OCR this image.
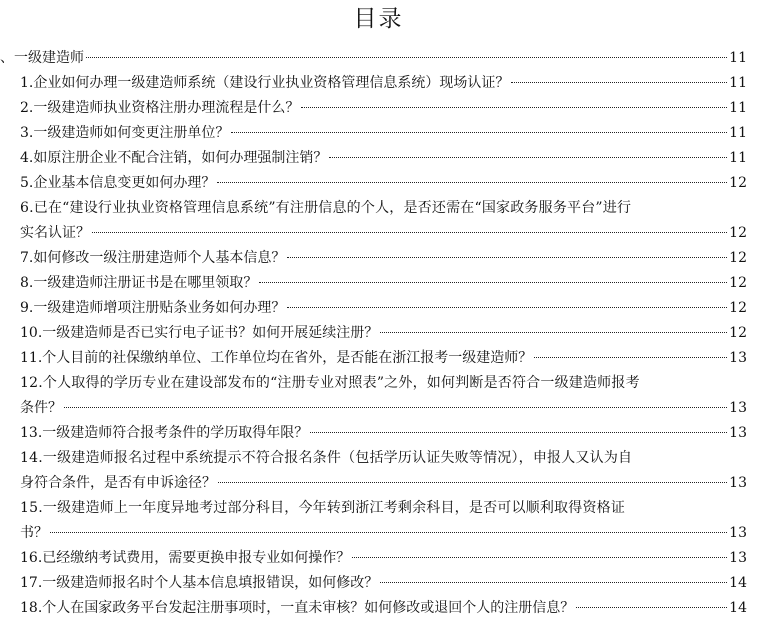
目录
、一级建造师	11
1.企业如何办理一级建造师系统（建设行业执业资格管理信息系统）现场认证？	11
2.一级建造师执业资格注册办理流程是什么？	11
3.一级建造师如何变更注册单位？	11
4.如原注册企业不配合注销，如何办理强制注销？	11
5.企业基本信息变更如何办理？	12
6.已在“建设行业执业资格管理信息系统”有注册信息的个人，是否还需在“国家政务服务平台”进行
实名认证？	12
7.如何修改一级注册建造师个人基本信息？	12
8.一级建造师注册证书是在哪里领取？	12
9.一级建造师增项注册贴条业务如何办理？	12
10.一级建造师是否已实行电子证书？如何开展延续注册？	12
11.个人目前的社保缴纳单位、工作单位均在省外，是否能在浙江报考一级建造师？	13
12.个人取得的学历专业在建设部发布的“注册专业对照表”之外，如何判断是否符合一级建造师报考
条件？	13
13.一级建造师符合报考条件的学历取得年限？	13
14.一级建造师报名过程中系统提示不符合报名条件（包括学历认证失败等情况），申报人又认为自
身符合条件，是否有申诉途径？	13
15.一级建造师上一年度异地考过部分科目，今年转到浙江考剩余科目，是否可以顺利取得资格证
书？	13
16.已经缴纳考试费用，需要更换申报专业如何操作？	13
17.一级建造师报名时个人基本信息填报错误，如何修改？	14
18.个人在国家政务平台发起注册事项时，一直未审核？如何修改或退回个人的注册信息？	14
